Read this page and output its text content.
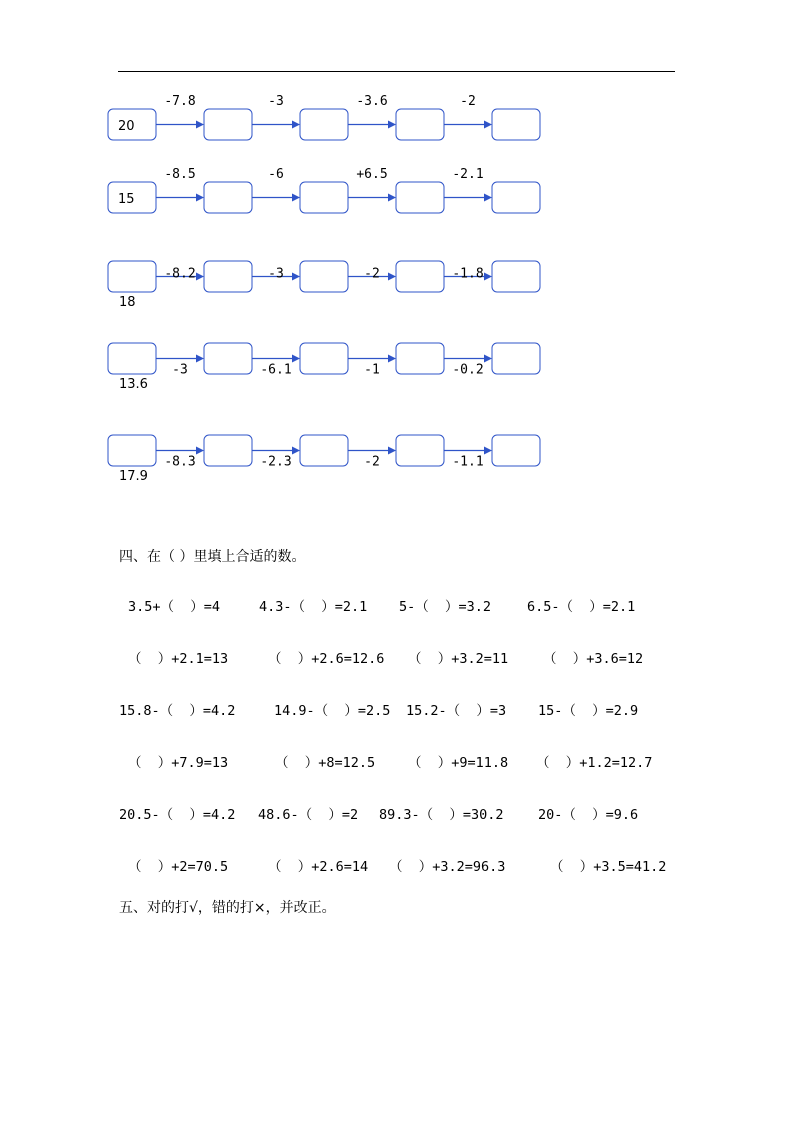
20
-7.8	-3	-3.6	-2
15
-8.5	-6	+6.5	-2.1
18
-8.2	-3	-2	-1.8
13.6
-3	-6.1	-1	-0.2
17.9
-8.3	-2.3	-2	-1.1
四、在（ ）里填上合适的数。
3.5+（  ）=4	4.3-（  ）=2.1 5-（  ）=3.2	6.5-（  ）=2.1
（  ）+2.1=13	（  ）+2.6=12.6 （  ）+3.2=11	（  ）+3.6=12
15.8-（  ）=4.2	14.9-（  ）=2.5 15.2-（  ）=3 15-（  ）=2.9
（  ）+7.9=13	（  ）+8=12.5 （  ）+9=11.8 （  ）+1.2=12.7
20.5-（  ）=4.2 48.6-（  ）=2 89.3-（  ）=30.2	20-（  ）=9.6
（  ）+2=70.5	（  ）+2.6=14 （  ）+3.2=96.3	（  ）+3.5=41.2
五、对的打√，错的打×，并改正。
